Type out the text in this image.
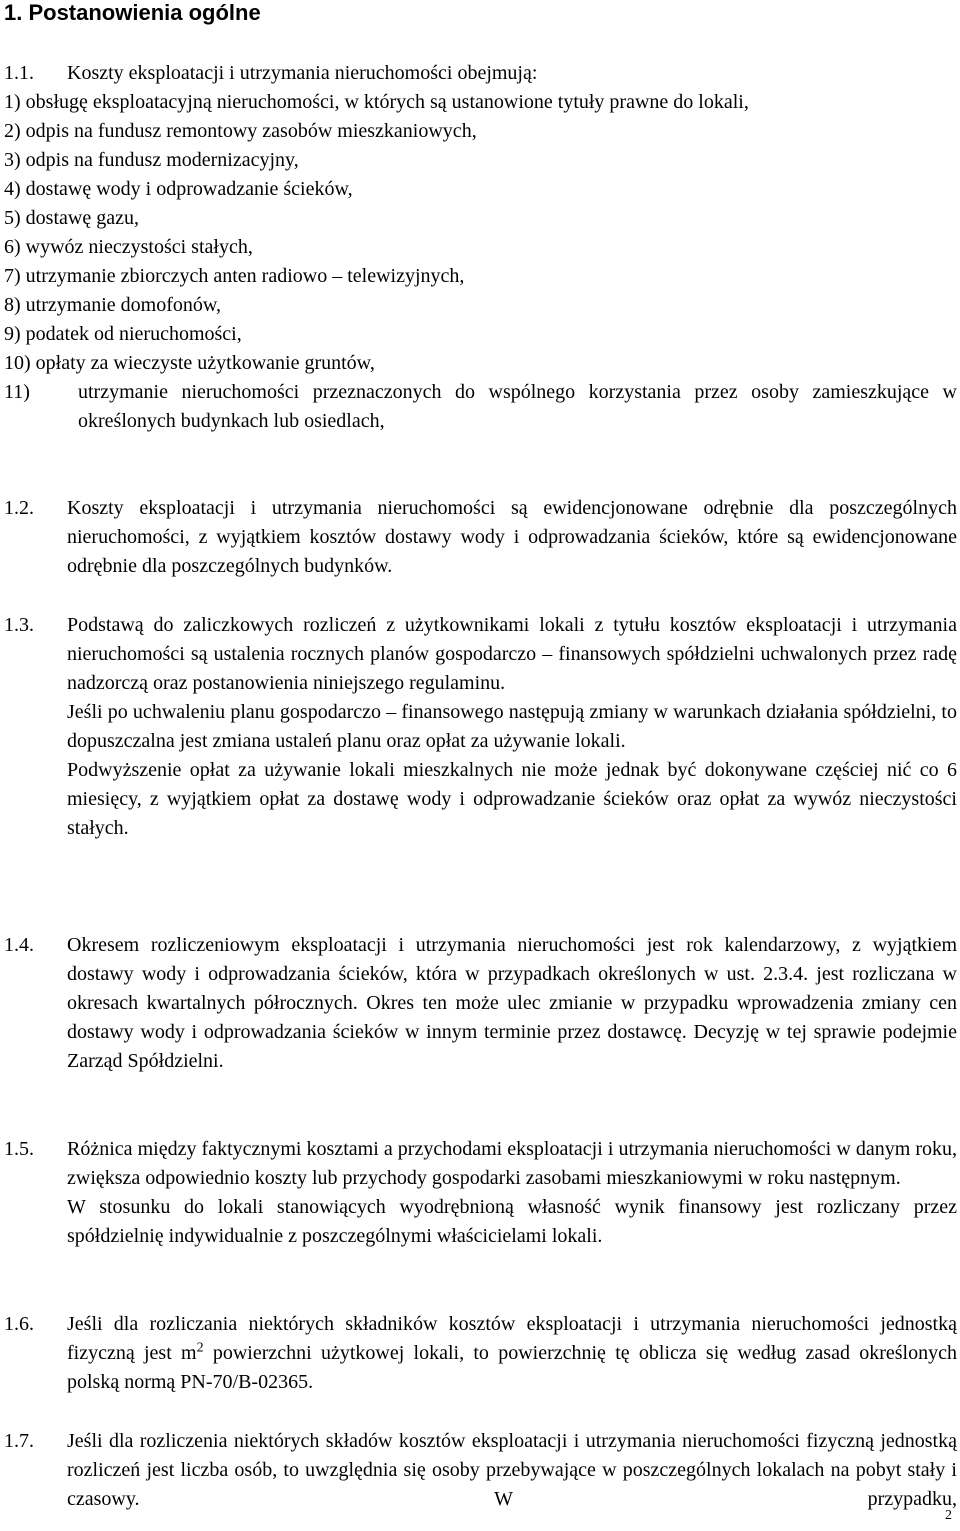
1. Postanowienia ogólne
1.1.	Koszty eksploatacji i utrzymania nieruchomości obejmują:

1) obsługę eksploatacyjną nieruchomości, w których są ustanowione tytuły prawne do lokali,
2) odpis na fundusz remontowy zasobów mieszkaniowych,
3) odpis na fundusz modernizacyjny,
4) dostawę wody i odprowadzanie ścieków,
5) dostawę gazu,
6) wywóz nieczystości stałych,
7) utrzymanie zbiorczych anten radiowo – telewizyjnych,
8) utrzymanie domofonów,
9) podatek od nieruchomości,
10) opłaty za wieczyste użytkowanie gruntów,
11) utrzymanie nieruchomości przeznaczonych do wspólnego korzystania przez osoby zamieszkujące w określonych budynkach lub osiedlach,
1.2.	Koszty eksploatacji i utrzymania nieruchomości są ewidencjonowane odrębnie dla poszczególnych nieruchomości, z wyjątkiem kosztów dostawy wody i odprowadzania ścieków, które są ewidencjonowane odrębnie dla poszczególnych budynków.

1.3.	Podstawą do zaliczkowych rozliczeń z użytkownikami lokali z tytułu kosztów eksploatacji i utrzymania nieruchomości są ustalenia rocznych planów gospodarczo – finansowych spółdzielni uchwalonych przez radę nadzorczą oraz postanowienia niniejszego regulaminu.

Jeśli po uchwaleniu planu gospodarczo – finansowego następują zmiany w warunkach działania spółdzielni, to dopuszczalna jest zmiana ustaleń planu oraz opłat za używanie lokali.

Podwyższenie opłat za używanie lokali mieszkalnych nie może jednak być dokonywane częściej nić co 6 miesięcy, z wyjątkiem opłat za dostawę wody i odprowadzanie ścieków oraz opłat za wywóz nieczystości stałych.

1.4.	Okresem rozliczeniowym eksploatacji i utrzymania nieruchomości jest rok kalendarzowy, z wyjątkiem dostawy wody i odprowadzania ścieków, która w przypadkach określonych w ust. 2.3.4. jest rozliczana w okresach kwartalnych półrocznych. Okres ten może ulec zmianie w przypadku wprowadzenia zmiany cen dostawy wody i odprowadzania ścieków w innym terminie przez dostawcę. Decyzję w tej sprawie podejmie Zarząd Spółdzielni.

1.5.	Różnica między faktycznymi kosztami a przychodami eksploatacji i utrzymania nieruchomości w danym roku, zwiększa odpowiednio koszty lub przychody gospodarki zasobami mieszkaniowymi w roku następnym.

W stosunku do lokali stanowiących wyodrębnioną własność wynik finansowy jest rozliczany przez spółdzielnię indywidualnie z poszczególnymi właścicielami lokali.

1.6.	Jeśli dla rozliczania niektórych składników kosztów eksploatacji i utrzymania nieruchomości jednostką fizyczną jest $m^2$ powierzchni użytkowej lokali, to powierzchnię tę oblicza się według zasad określonych polską normą PN-70/B-02365.

1.7.	Jeśli dla rozliczenia niektórych składów kosztów eksploatacji i utrzymania nieruchomości fizyczną jednostką rozliczeń jest liczba osób, to uwzględnia się osoby przebywające w poszczególnych lokalach na pobyt stały i czasowy. W przypadku,

2
